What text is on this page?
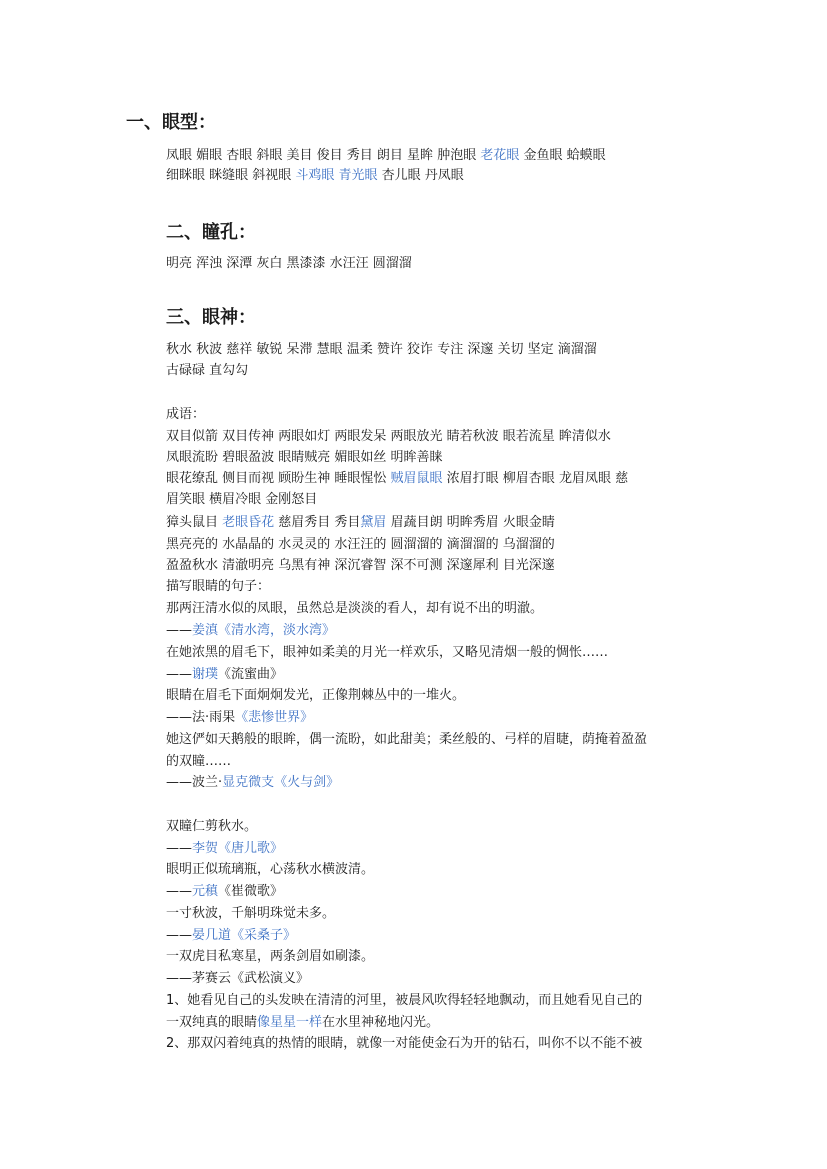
一、眼型：
凤眼 媚眼 杏眼 斜眼 美目 俊目 秀目 朗目 星眸 肿泡眼 老花眼 金鱼眼 蛤蟆眼
细眯眼 眯缝眼 斜视眼 斗鸡眼 青光眼 杏儿眼 丹凤眼
二、瞳孔：
明亮 浑浊 深潭 灰白 黑漆漆 水汪汪 圆溜溜
三、眼神：
秋水 秋波 慈祥 敏锐 呆滞 慧眼 温柔 赞许 狡诈 专注 深邃 关切 坚定 滴溜溜
古碌碌 直勾勾
成语：
双目似箭 双目传神 两眼如灯 两眼发呆 两眼放光 睛若秋波 眼若流星 眸清似水
凤眼流盼 碧眼盈波 眼睛贼亮 媚眼如丝 明眸善睐
眼花缭乱 侧目而视 顾盼生神 睡眼惺忪 贼眉鼠眼 浓眉打眼 柳眉杏眼 龙眉凤眼 慈
眉笑眼 横眉冷眼 金刚怒目
獐头鼠目 老眼昏花 慈眉秀目 秀目黛眉 眉蔬目朗 明眸秀眉 火眼金睛
黑亮亮的 水晶晶的 水灵灵的 水汪汪的 圆溜溜的 滴溜溜的 乌溜溜的
盈盈秋水 清澈明亮 乌黑有神 深沉睿智 深不可测 深邃犀利 目光深邃
描写眼睛的句子：
那两汪清水似的凤眼，虽然总是淡淡的看人，却有说不出的明澈。
——姜滇《清水湾，淡水湾》
在她浓黑的眉毛下，眼神如柔美的月光一样欢乐，又略见清烟一般的惆怅……
——谢璞《流蜜曲》
眼睛在眉毛下面炯炯发光，正像荆棘丛中的一堆火。
——法·雨果《悲惨世界》
她这俨如天鹅般的眼眸，偶一流盼，如此甜美；柔丝般的、弓样的眉睫，荫掩着盈盈
的双瞳……
——波兰·显克微支《火与剑》
双瞳仁剪秋水。
——李贺《唐儿歌》
眼明正似琉璃瓶，心荡秋水横波清。
——元稹《崔微歌》
一寸秋波，千斛明珠觉未多。
——晏几道《采桑子》
一双虎目私寒星，两条剑眉如刷漆。
——茅赛云《武松演义》
1、她看见自己的头发映在清清的河里，被晨风吹得轻轻地飘动，而且她看见自己的
一双纯真的眼睛像星星一样在水里神秘地闪光。
2、那双闪着纯真的热情的眼睛，就像一对能使金石为开的钻石，叫你不以不能不被
